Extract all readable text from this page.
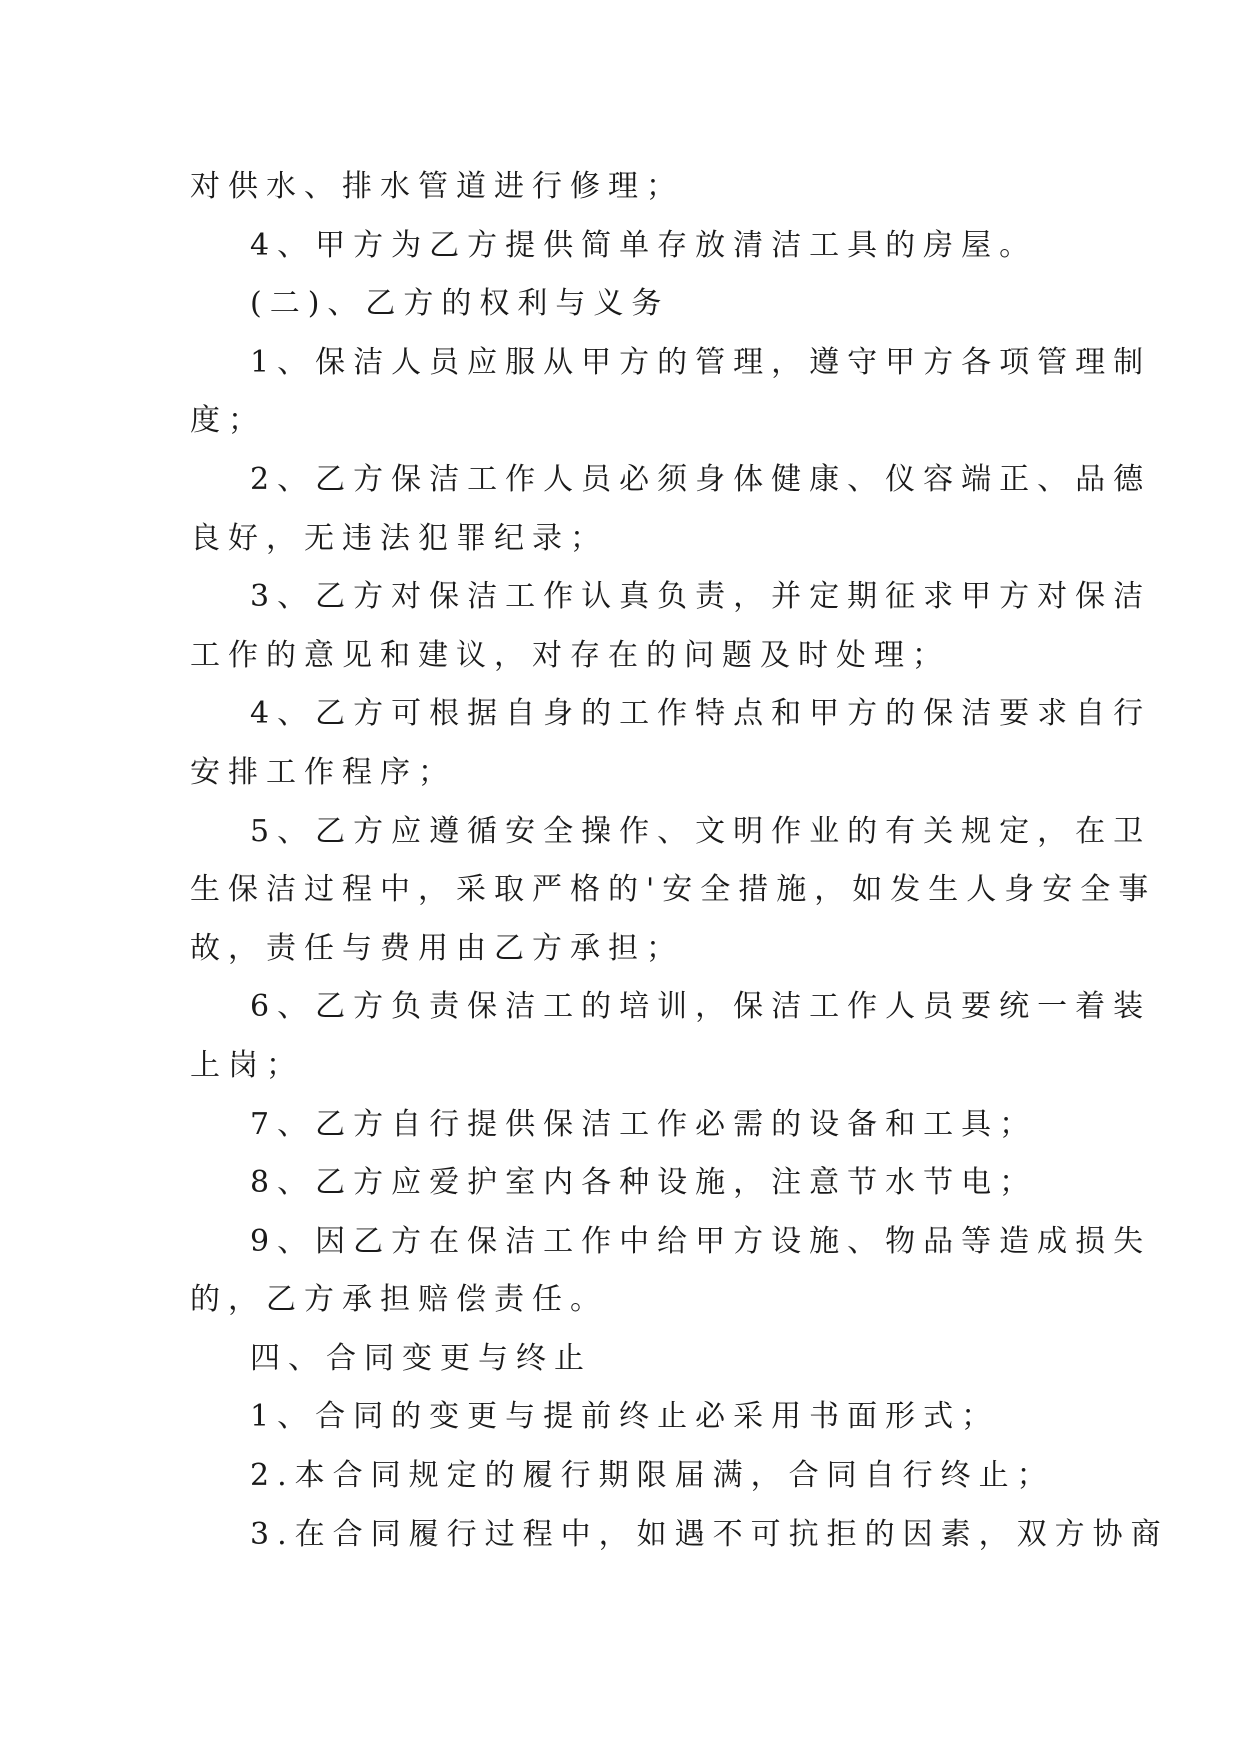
对供水、排水管道进行修理；
4、甲方为乙方提供简单存放清洁工具的房屋。
(二)、乙方的权利与义务
1、保洁人员应服从甲方的管理，遵守甲方各项管理制
度；
2、乙方保洁工作人员必须身体健康、仪容端正、品德
良好，无违法犯罪纪录；
3、乙方对保洁工作认真负责，并定期征求甲方对保洁
工作的意见和建议，对存在的问题及时处理；
4、乙方可根据自身的工作特点和甲方的保洁要求自行
安排工作程序；
5、乙方应遵循安全操作、文明作业的有关规定，在卫
生保洁过程中，采取严格的'安全措施，如发生人身安全事
故，责任与费用由乙方承担；
6、乙方负责保洁工的培训，保洁工作人员要统一着装
上岗；
7、乙方自行提供保洁工作必需的设备和工具；
8、乙方应爱护室内各种设施，注意节水节电；
9、因乙方在保洁工作中给甲方设施、物品等造成损失
的，乙方承担赔偿责任。
四、合同变更与终止
1、合同的变更与提前终止必采用书面形式；
2.本合同规定的履行期限届满，合同自行终止；
3.在合同履行过程中，如遇不可抗拒的因素，双方协商
